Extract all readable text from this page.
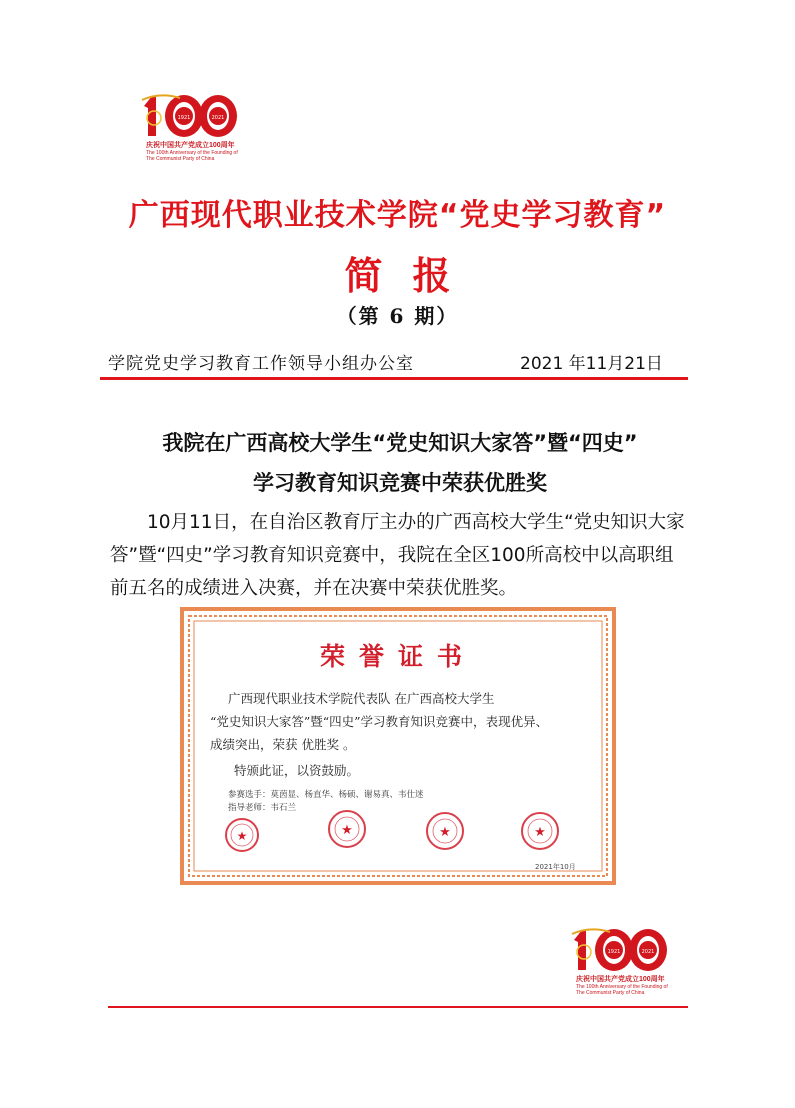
1921	2021
庆祝中国共产党成立100周年
The 100th Anniversary of the Founding of
The Communist Party of China
广西现代职业技术学院“党史学习教育”
简报
（第 6 期）
学院党史学习教育工作领导小组办公室	2021 年11月21日
我院在广西高校大学生“党史知识大家答”暨“四史”
学习教育知识竞赛中荣获优胜奖
10月11日，在自治区教育厅主办的广西高校大学生“党史知识大家答”暨“四史”学习教育知识竞赛中，我院在全区100所高校中以高职组前五名的成绩进入决赛，并在决赛中荣获优胜奖。
荣誉证书
广西现代职业技术学院代表队 在广西高校大学生
“党史知识大家答”暨“四史”学习教育知识竞赛中，表现优异、
成绩突出，荣获 优胜奖 。
特颁此证，以资鼓励。
参赛选手：莫茵显、杨直华、杨硕、谢易真、韦仕迷
指导老师：韦石兰
★	★	★	★
2021年10月
1921	2021
庆祝中国共产党成立100周年
The 100th Anniversary of the Founding of
The Communist Party of China
